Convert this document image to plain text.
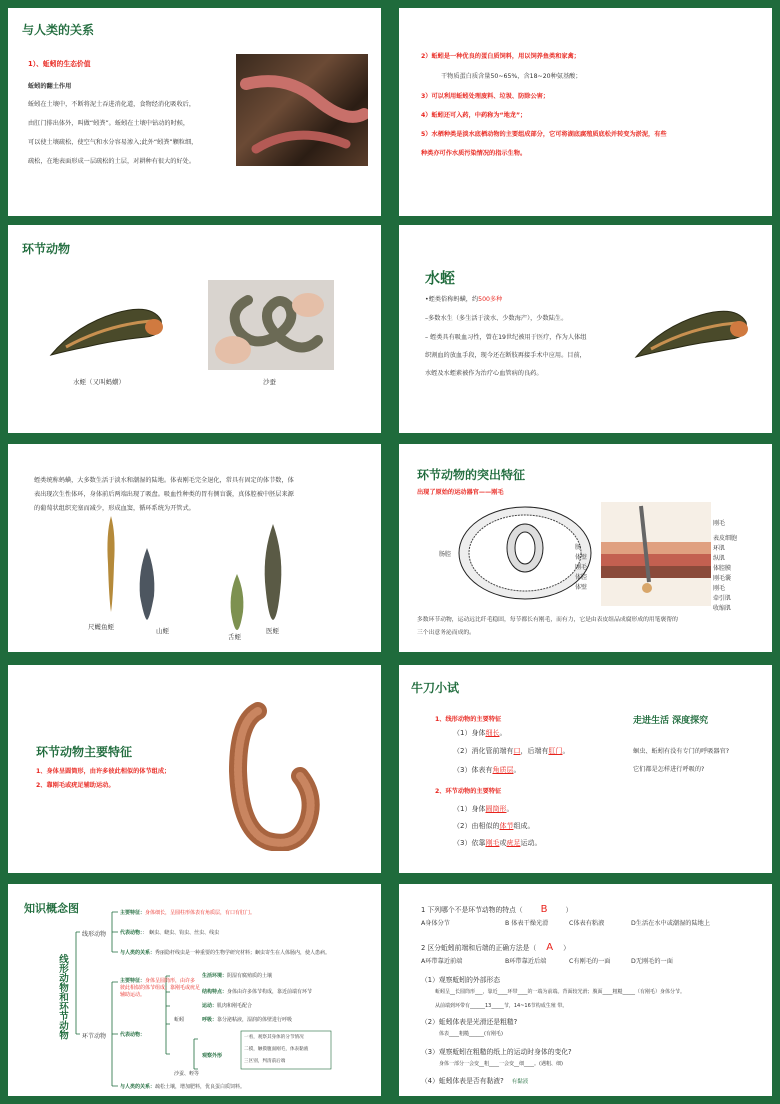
与人类的关系
1）、蚯蚓的生态价值
蚯蚓的翻土作用
蚯蚓在土壤中，不断将泥土吞进消化道，食物经消化吸收后，
由肛门排出体外，叫做“蚓粪”。蚯蚓在土壤中钻动的时候，
可以使土壤疏松，使空气和水分容易渗入;此外“蚓粪”颗粒细，
疏松，在地表面形成一层疏松的土层，对耕种有很大的好处。
2）蚯蚓是一种优良的蛋白质饲料，用以饲养鱼类和家禽；
干物质蛋白质含量50~65%，含18~20种氨基酸；
3）可以利用蚯蚓处理废料、垃圾、防除公害；
4）蚯蚓还可入药，中药称为“地龙”；
5）水栖种类是淡水底栖动物的主要组成部分，它可将湖底腐殖质底松并转变为淤泥，有些
种类亦可作水质污染情况的指示生物。
环节动物
水蛭（又叫蚂蟥）	沙蚕
水蛭
•蛭类俗称蚂蟥，约500多种
–多数水生（多生活于淡水、少数海产），少数陆生。
– 蛭类具有吸血习性，曾在19世纪被用于医疗，作为人体组
织割血的放血手段，现今还在断肢再接手术中应用。目前，
水蛭及水蛭素被作为治疗心血管病的良药。
蛭类统称蚂蟥，大多数生活于淡水和潮湿的陆地。体表刚毛完全退化，常具有固定的体节数，体
表出现次生性体环，身体前后两端出现了吸盘。吸血性种类的胃有侧盲囊，真体腔被中胚层来源
的葡萄状组织充塞而减少，形成血窦，循环系统为开管式。
尺蠖鱼蛭	山蛭
舌蛭
医蛭
环节动物的突出特征
出现了原始的运动器官——刚毛
肠腔
肠
体壁
刚毛
体腔
体壁
刚毛
表皮细胞
环肌
纵肌
体腔膜
刚毛囊
刚毛
牵引肌
收缩肌
多数环节动物，运动远比纤毛稳固，每节都长有刚毛，而有力，它是由表皮组品成腐形成的用笔褒帮的
三个出意务泌而成的。
环节动物主要特征
1、身体呈圆筒形，由许多彼此相似的体节组成；
2、靠刚毛或疣足辅助运动。
牛刀小试
1、线形动物的主要特征
（1）身体细长。
（2）消化管前端有口，后端有肛门。
（3）体表有角质层。
2、环节动物的主要特征
（1）身体圆筒形。
（2）由相似的体节组成。
（3）依靠刚毛或疣足运动。
走进生活 深度探究
蛔虫、蚯蚓有没有专门的呼吸器官?
它们都是怎样进行呼吸的?
知识概念图
线形动物和环节动物
线形动物
环节动物
主要特征：身体细长，呈圆柱形体表有角质层，有口有肛门。
代表动物：： 蛔虫、蛲虫、钩虫、丝虫、线虫
与人类的关系：秀丽隐杆线虫是一种重要的生物学研究材料；蛔虫寄生在人体肠内，使人患病。
主要特征：身体呈圆筒形，由许多彼此相似的体节组成；靠刚毛或疣足辅助运动。
代表动物：
蚯蚓
沙蚕、蛭等
生活环境：阴湿有腐殖质的土壤
结构特点：身体由许多体节构成，靠近前端有环节
运动：肌肉和刚毛配合
呼吸：靠分泌粘液，湿润的体壁进行呼吸
观察外形
一看，观察其身体的分节情况
二摸，触摸腹面刚毛，体表黏液
三区别，判清前后端
与人类的关系：疏松土壤，增加肥料，优良蛋白质饲料。
1 下列哪个不是环节动物的特点（ B	）
A身体分节	B 体表干燥光滑	C体表有粘液	D生活在水中或潮湿的陆地上
2 区分蚯蚓前端和后端的正确方法是（ A ）
A环带靠近前端	B环带靠近后端	C有刚毛的一面	D无刚毛的一面
（1）观察蚯蚓的外部形态
蚯蚓呈__长圆筒形___，靠近____环带____的一端为前端。背面较光滑；腹面____粗糙_____（有刚毛）身体分节。
从前端到环带有______13_____节，14~16节构成生殖 带。
（2）蚯蚓体表是光滑还是粗糙?
体表____粗糙______(有刚毛)
（3）观察蚯蚓在粗糙的纸上的运动时身体的变化?
身体一部分一会变__粗____一会变__细____。(遇粗、细)
（4）蚯蚓体表是否有黏液? 有黏液
